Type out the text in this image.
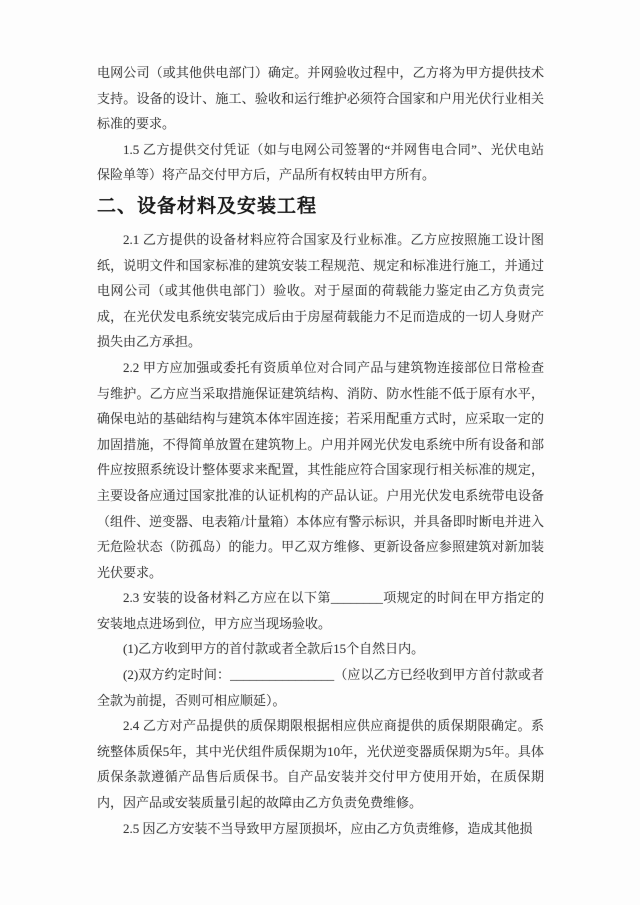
电网公司（或其他供电部门）确定。并网验收过程中，乙方将为甲方提供技术支持。设备的设计、施工、验收和运行维护必须符合国家和户用光伏行业相关标准的要求。

1.5 乙方提供交付凭证（如与电网公司签署的“并网售电合同”、光伏电站保险单等）将产品交付甲方后，产品所有权转由甲方所有。

二、设备材料及安装工程

2.1 乙方提供的设备材料应符合国家及行业标准。乙方应按照施工设计图纸，说明文件和国家标准的建筑安装工程规范、规定和标准进行施工，并通过电网公司（或其他供电部门）验收。对于屋面的荷载能力鉴定由乙方负责完成，在光伏发电系统安装完成后由于房屋荷载能力不足而造成的一切人身财产损失由乙方承担。

2.2 甲方应加强或委托有资质单位对合同产品与建筑物连接部位日常检查与维护。乙方应当采取措施保证建筑结构、消防、防水性能不低于原有水平，确保电站的基础结构与建筑本体牢固连接；若采用配重方式时，应采取一定的加固措施，不得简单放置在建筑物上。户用并网光伏发电系统中所有设备和部件应按照系统设计整体要求来配置，其性能应符合国家现行相关标准的规定，主要设备应通过国家批准的认证机构的产品认证。户用光伏发电系统带电设备（组件、逆变器、电表箱/计量箱）本体应有警示标识，并具备即时断电并进入无危险状态（防孤岛）的能力。甲乙双方维修、更新设备应参照建筑对新加装光伏要求。

2.3 安装的设备材料乙方应在以下第________项规定的时间在甲方指定的安装地点进场到位，甲方应当现场验收。

(1)乙方收到甲方的首付款或者全款后15个自然日内。

(2)双方约定时间：________________（应以乙方已经收到甲方首付款或者全款为前提，否则可相应顺延）。

2.4 乙方对产品提供的质保期限根据相应供应商提供的质保期限确定。系统整体质保5年，其中光伏组件质保期为10年，光伏逆变器质保期为5年。具体质保条款遵循产品售后质保书。自产品安装并交付甲方使用开始，在质保期内，因产品或安装质量引起的故障由乙方负责免费维修。

2.5 因乙方安装不当导致甲方屋顶损坏，应由乙方负责维修，造成其他损
